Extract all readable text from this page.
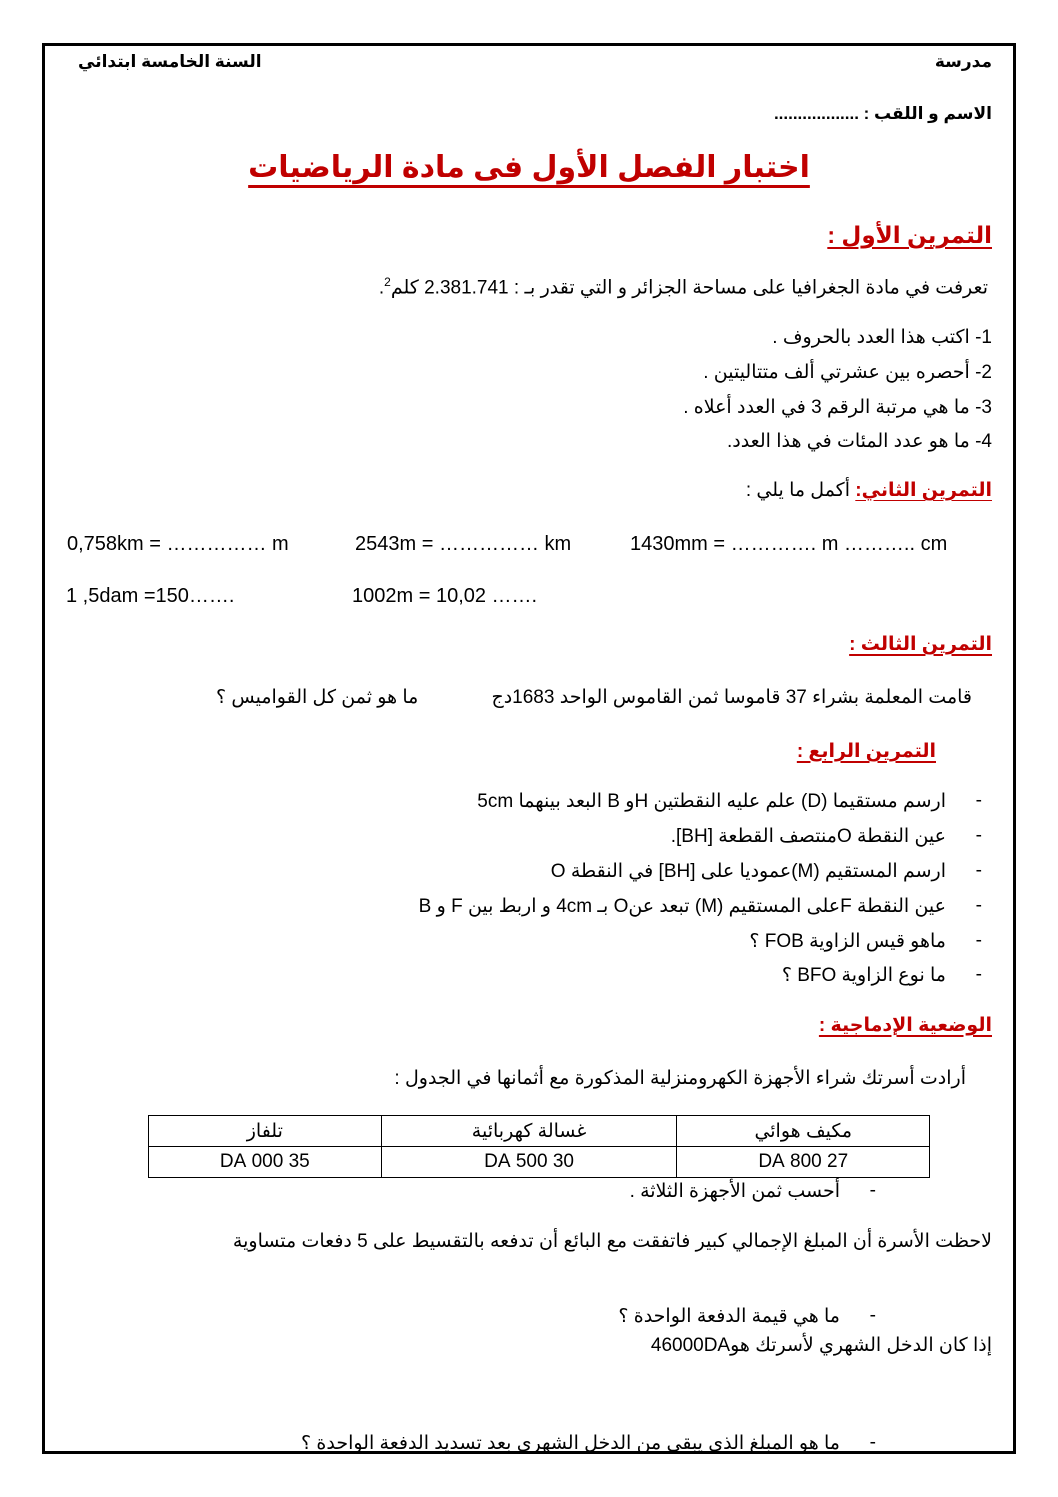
مدرسة
السنة الخامسة ابتدائي
الاسم و اللقب : ..................
اختبار الفصل الأول فى مادة الرياضيات
التمرين الأول :
تعرفت في مادة الجغرافيا على مساحة الجزائر و التي تقدر بـ : 2.381.741 كلم$^2$.
1- اكتب هذا العدد بالحروف .
2- أحصره بين عشرتي ألف متتاليتين .
3- ما هي مرتبة الرقم 3 في العدد أعلاه .
4- ما هو عدد المئات في هذا العدد.
التمرين الثاني: أكمل ما يلي :
0,758km = …………… m	2543m = …………… km	1430mm = …………. m ……….. cm
1 ,5dam =150…….	1002m = 10,02 …….
التمرين الثالث :
قامت المعلمة بشراء 37 قاموسا ثمن القاموس الواحد 1683دج
ما هو ثمن كل القواميس ؟
التمرين الرابع :
-
ارسم مستقيما (D) علم عليه النقطتين Hو B البعد بينهما 5cm
-
عين النقطة Oمنتصف القطعة [BH].
-
ارسم المستقيم (M)عموديا على [BH] في النقطة O
-
عين النقطة Fعلى المستقيم (M) تبعد عنO بـ 4cm و اربط بين F و B
-
ماهو قيس الزاوية FOB ؟
-
ما نوع الزاوية BFO ؟
الوضعية الإدماجية :
أرادت أسرتك شراء الأجهزة الكهرومنزلية المذكورة مع أثمانها في الجدول :
مكيف هوائي	غسالة كهربائية	تلفاز
27 800 DA	30 500 DA	35 000 DA
-
أحسب ثمن الأجهزة الثلاثة .
لاحظت الأسرة أن المبلغ الإجمالي كبير فاتفقت مع البائع أن تدفعه بالتقسيط على 5 دفعات متساوية
-
ما هي قيمة الدفعة الواحدة ؟
إذا كان الدخل الشهري لأسرتك هو46000DA
-
ما هو المبلغ الذي يبقى من الدخل الشهري بعد تسديد الدفعة الواحدة ؟
